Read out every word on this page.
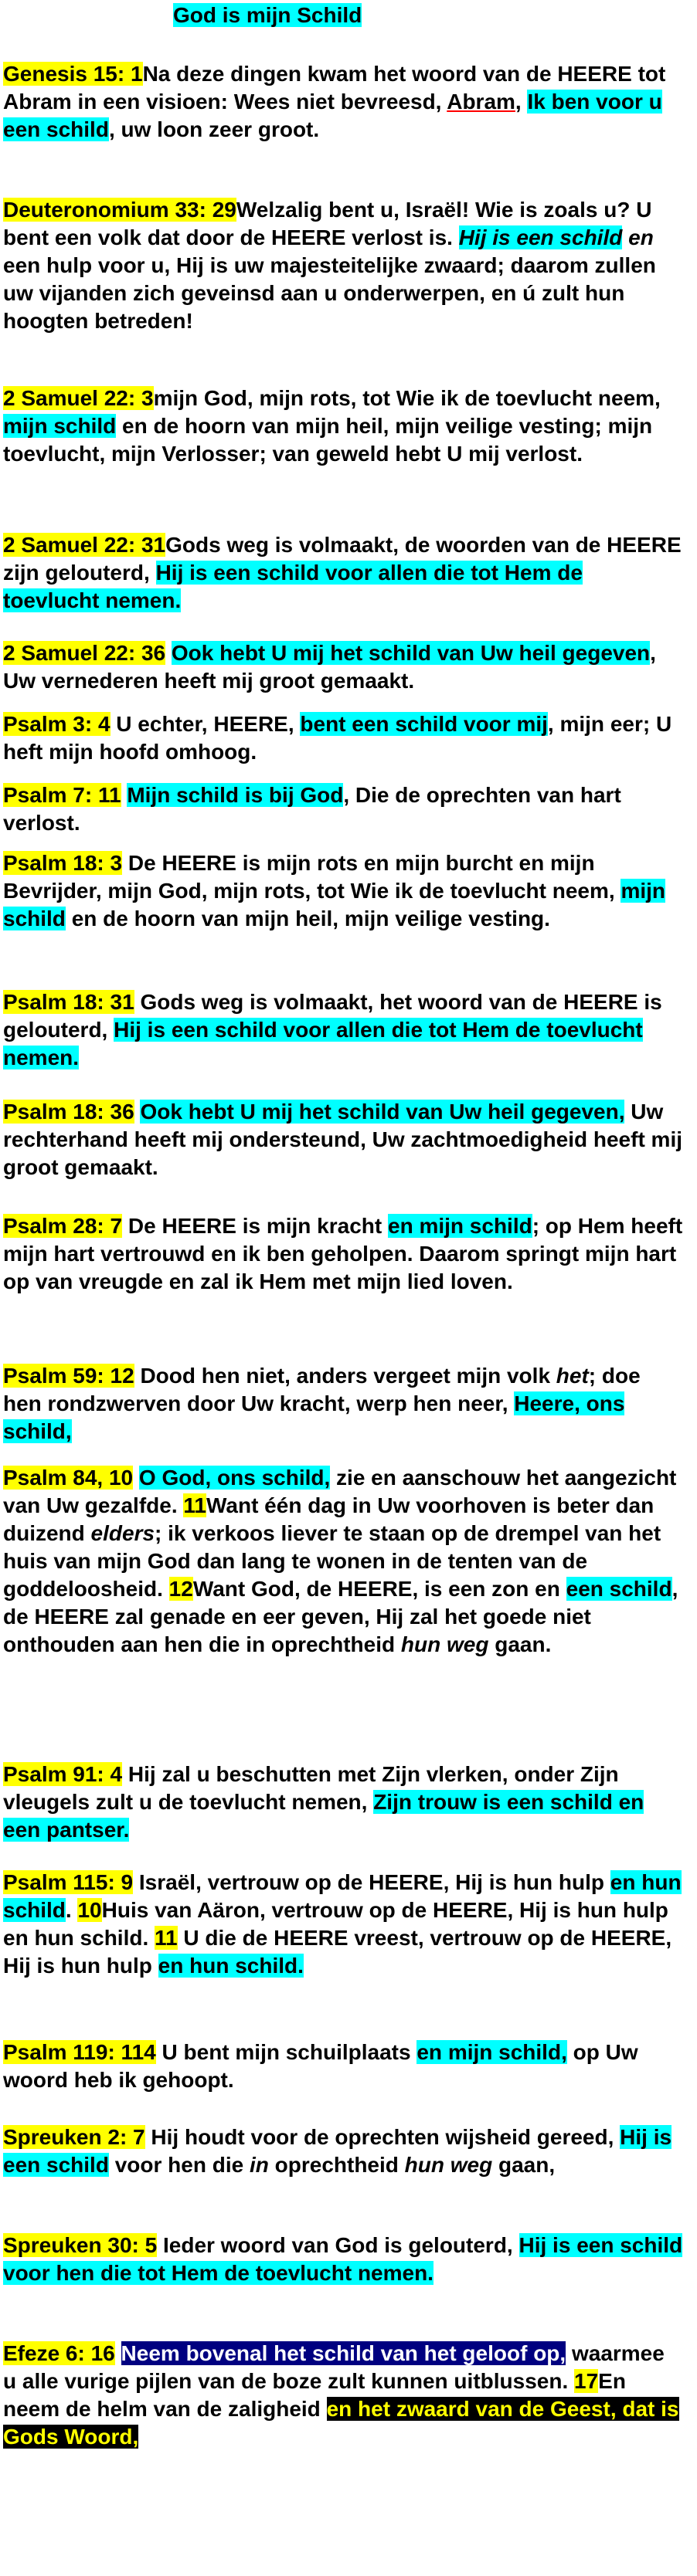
God is mijn Schild
Genesis 15: 1Na deze dingen kwam het woord van de HEERE tot Abram in een visioen: Wees niet bevreesd, Abram, Ik ben voor u een schild, uw loon zeer groot.
Deuteronomium 33: 29Welzalig bent u, Israël! Wie is zoals u? U bent een volk dat door de HEERE verlost is. Hij is een schild en een hulp voor u, Hij is uw majesteitelijke zwaard; daarom zullen uw vijanden zich geveinsd aan u onderwerpen, en ú zult hun hoogten betreden!
2 Samuel 22: 3mijn God, mijn rots, tot Wie ik de toevlucht neem, mijn schild en de hoorn van mijn heil, mijn veilige vesting; mijn toevlucht, mijn Verlosser; van geweld hebt U mij verlost.
2 Samuel 22: 31Gods weg is volmaakt, de woorden van de HEERE zijn gelouterd, Hij is een schild voor allen die tot Hem de toevlucht nemen.
2 Samuel 22: 36 Ook hebt U mij het schild van Uw heil gegeven, Uw vernederen heeft mij groot gemaakt.
Psalm 3: 4 U echter, HEERE, bent een schild voor mij, mijn eer; U heft mijn hoofd omhoog.
Psalm 7: 11 Mijn schild is bij God, Die de oprechten van hart verlost.
Psalm 18: 3 De HEERE is mijn rots en mijn burcht en mijn Bevrijder, mijn God, mijn rots, tot Wie ik de toevlucht neem, mijn schild en de hoorn van mijn heil, mijn veilige vesting.
Psalm 18: 31 Gods weg is volmaakt, het woord van de HEERE is gelouterd, Hij is een schild voor allen die tot Hem de toevlucht nemen.
Psalm 18: 36 Ook hebt U mij het schild van Uw heil gegeven, Uw rechterhand heeft mij ondersteund, Uw zachtmoedigheid heeft mij groot gemaakt.
Psalm 28: 7 De HEERE is mijn kracht en mijn schild; op Hem heeft mijn hart vertrouwd en ik ben geholpen. Daarom springt mijn hart op van vreugde en zal ik Hem met mijn lied loven.
Psalm 59: 12 Dood hen niet, anders vergeet mijn volk het; doe hen rondzwerven door Uw kracht, werp hen neer, Heere, ons schild,
Psalm 84, 10 O God, ons schild, zie en aanschouw het aangezicht van Uw gezalfde. 11Want één dag in Uw voorhoven is beter dan duizend elders; ik verkoos liever te staan op de drempel van het huis van mijn God dan lang te wonen in de tenten van de goddeloosheid. 12Want God, de HEERE, is een zon en een schild, de HEERE zal genade en eer geven, Hij zal het goede niet onthouden aan hen die in oprechtheid hun weg gaan.
Psalm 91: 4 Hij zal u beschutten met Zijn vlerken, onder Zijn vleugels zult u de toevlucht nemen, Zijn trouw is een schild en een pantser.
Psalm 115: 9 Israël, vertrouw op de HEERE, Hij is hun hulp en hun schild. 10Huis van Aäron, vertrouw op de HEERE, Hij is hun hulp en hun schild. 11 U die de HEERE vreest, vertrouw op de HEERE, Hij is hun hulp en hun schild.
Psalm 119: 114 U bent mijn schuilplaats en mijn schild, op Uw woord heb ik gehoopt.
Spreuken 2: 7 Hij houdt voor de oprechten wijsheid gereed, Hij is een schild voor hen die in oprechtheid hun weg gaan,
Spreuken 30: 5 Ieder woord van God is gelouterd, Hij is een schild voor hen die tot Hem de toevlucht nemen.
Efeze 6: 16 Neem bovenal het schild van het geloof op, waarmee u alle vurige pijlen van de boze zult kunnen uitblussen. 17En neem de helm van de zaligheid en het zwaard van de Geest, dat is Gods Woord,
